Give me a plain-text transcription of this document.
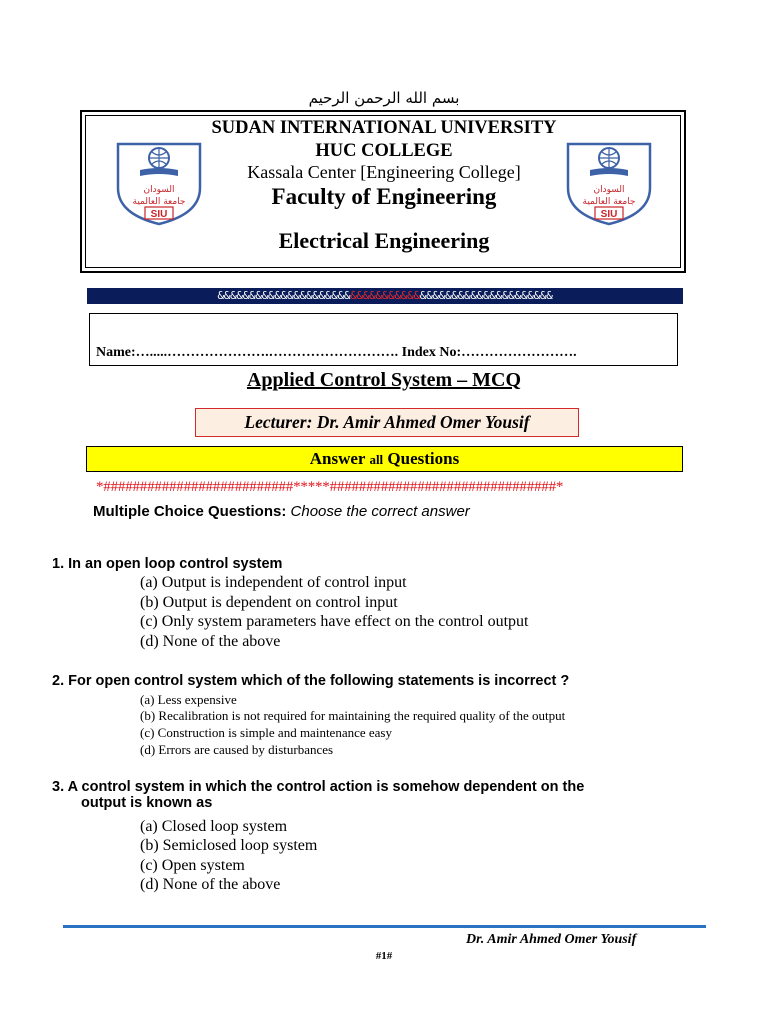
بسم الله الرحمن الرحيم
السودان
جامعة العالمية
SIU
السودان
جامعة العالمية
SIU
SUDAN INTERNATIONAL UNIVERSITY
HUC COLLEGE
Kassala Center [Engineering College]
Faculty of Engineering
Electrical Engineering
&&&&&&&&&&&&&&&&&&&&&&&&&&&&&&&&&&&&&&&&&&&&&&&&&&&&&
Name:….....………………….………………………. Index No:…………………….
Applied Control System – MCQ
Lecturer: Dr. Amir Ahmed Omer Yousif
Answer all Questions
*##########################*****###############################*
Multiple Choice Questions: Choose the correct answer
1. In an open loop control system
(a) Output is independent of control input
(b) Output is dependent on control input
(c) Only system parameters have effect on the control output
(d) None of the above
2. For open control system which of the following statements is incorrect ?
(a) Less expensive
(b) Recalibration is not required for maintaining the required quality of the output
(c) Construction is simple and maintenance easy
(d) Errors are caused by disturbances
3. A control system in which the control action is somehow dependent on the
output is known as
(a) Closed loop system
(b) Semiclosed loop system
(c) Open system
(d) None of the above
Dr. Amir Ahmed Omer Yousif
#1#
